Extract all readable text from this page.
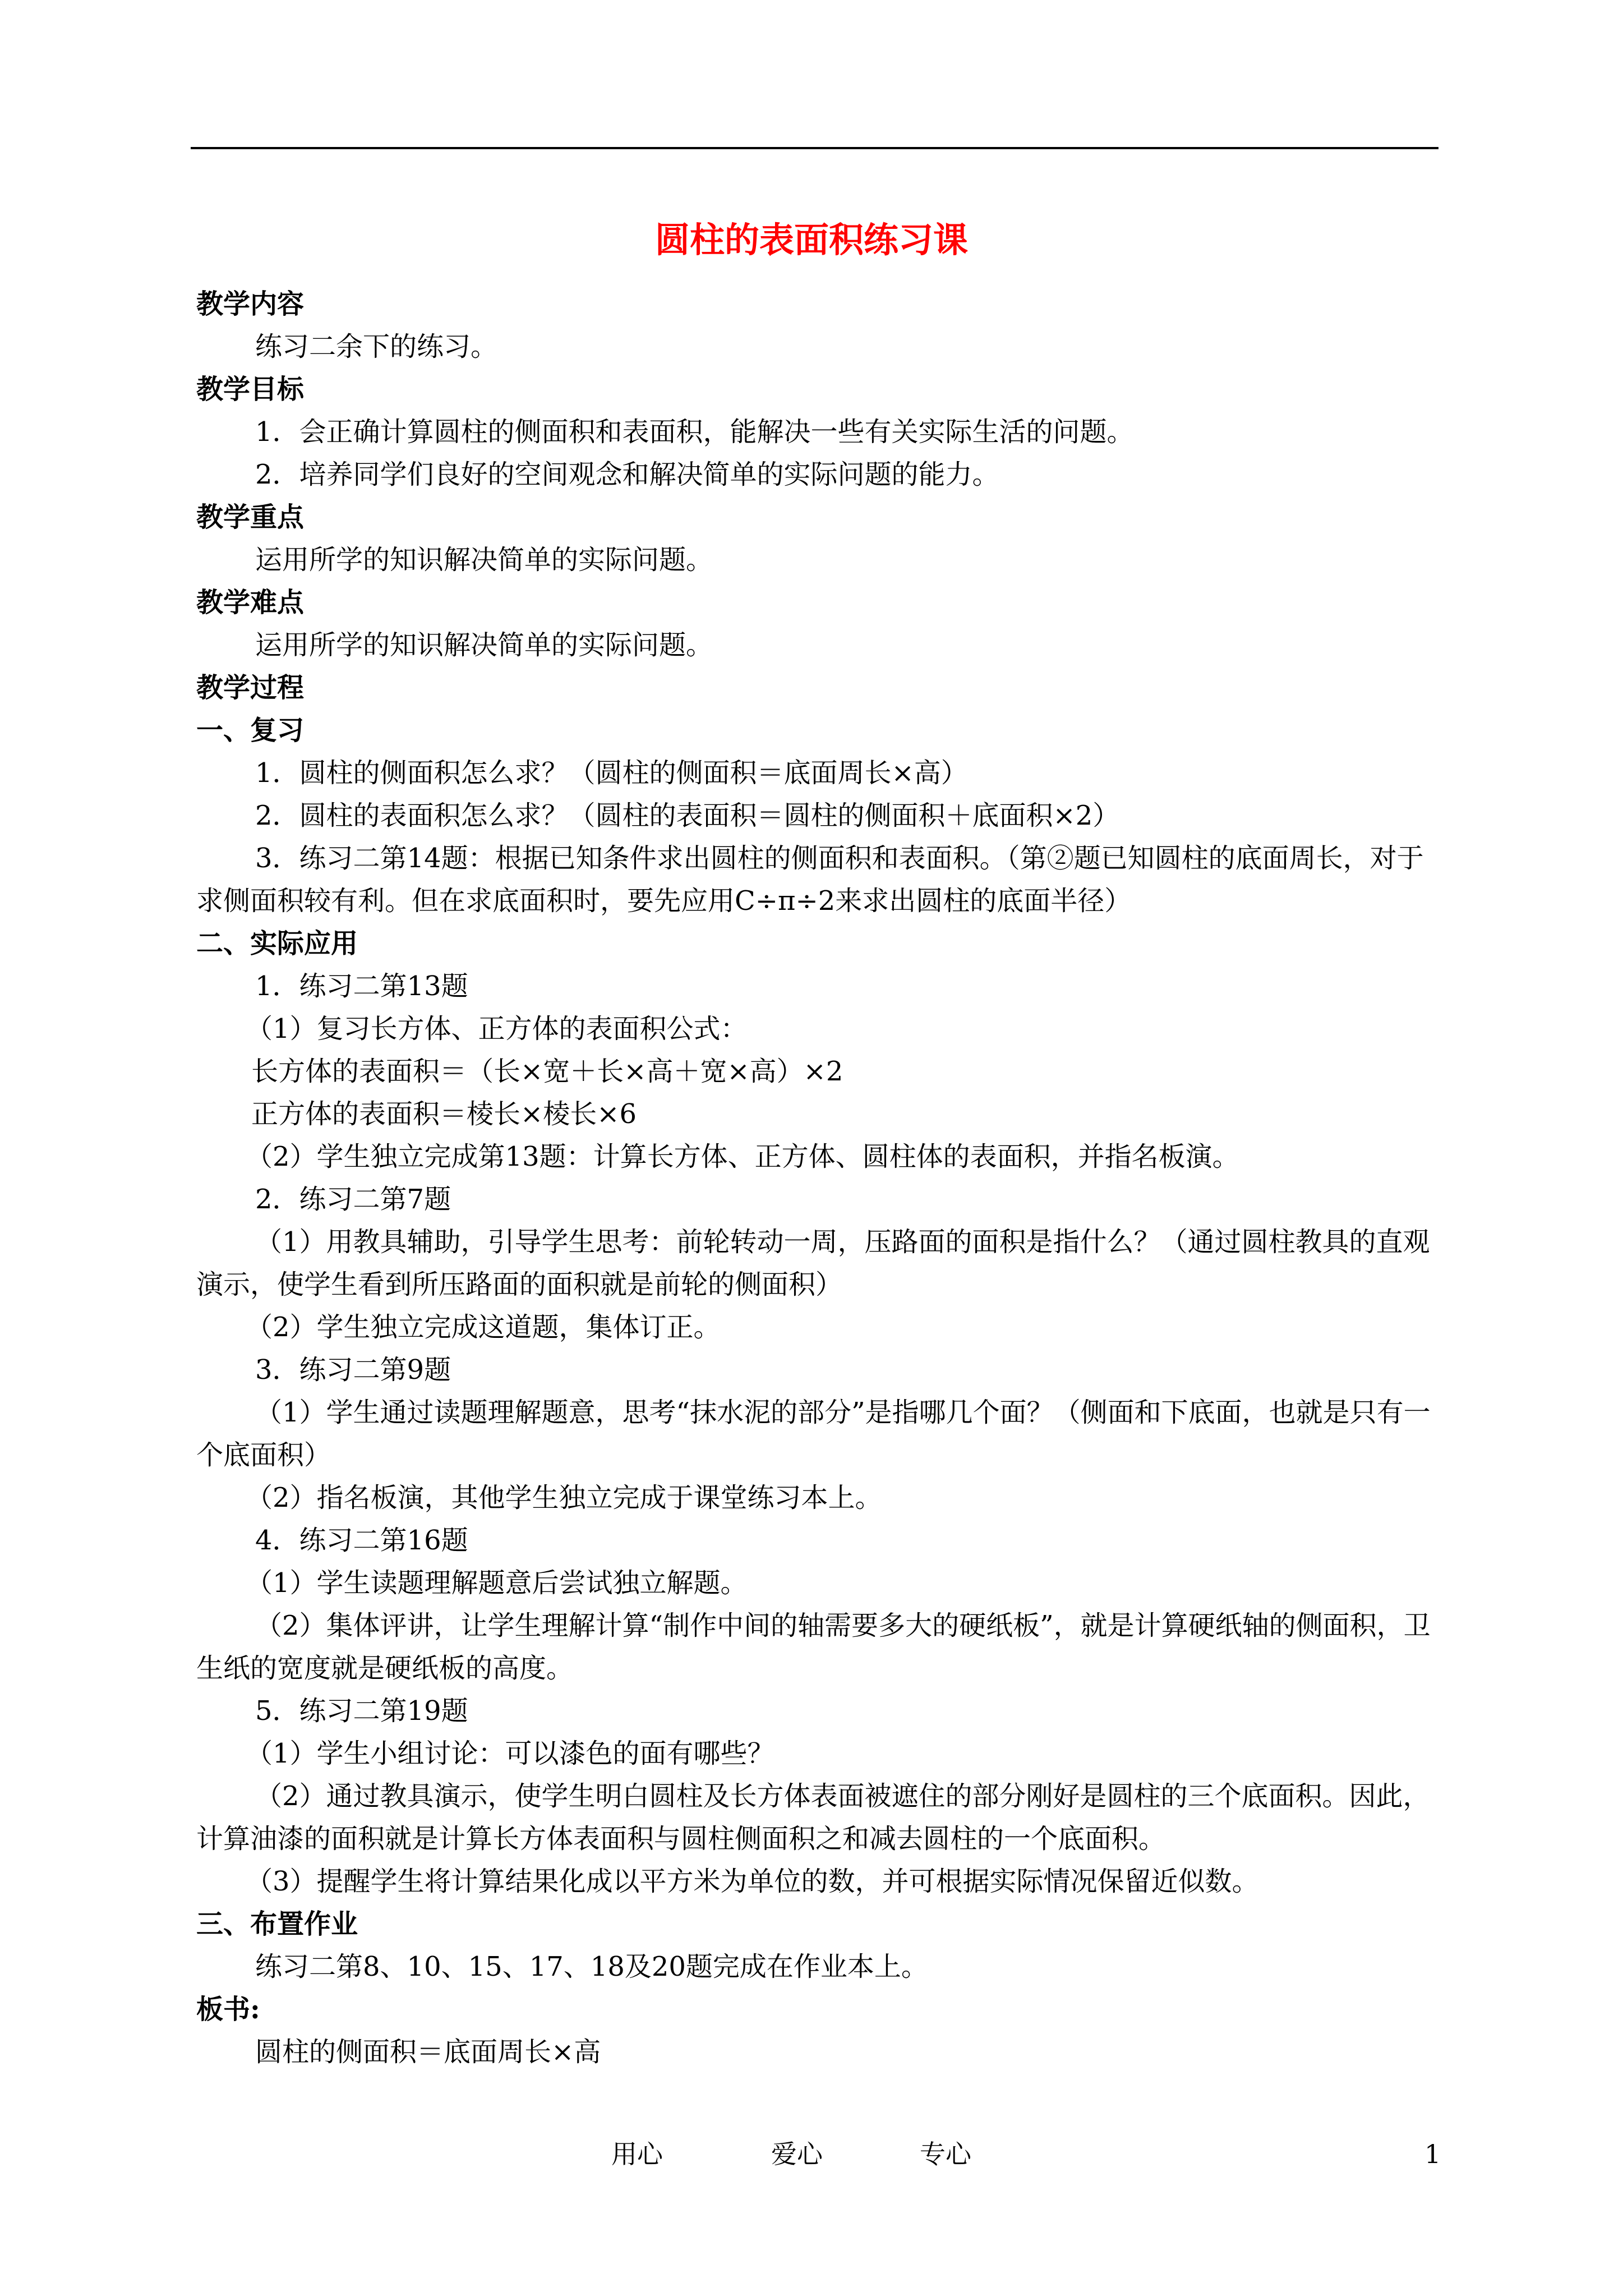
圆柱的表面积练习课
教学内容
练习二余下的练习。
教学目标
1．会正确计算圆柱的侧面积和表面积，能解决一些有关实际生活的问题。
2．培养同学们良好的空间观念和解决简单的实际问题的能力。
教学重点
运用所学的知识解决简单的实际问题。
教学难点
运用所学的知识解决简单的实际问题。
教学过程
一、复习
1．圆柱的侧面积怎么求？（圆柱的侧面积＝底面周长×高）
2．圆柱的表面积怎么求？（圆柱的表面积＝圆柱的侧面积＋底面积×2）
3．练习二第14题：根据已知条件求出圆柱的侧面积和表面积。（第②题已知圆柱的底面周长，对于求侧面积较有利。但在求底面积时，要先应用C÷π÷2来求出圆柱的底面半径）
二、实际应用
1．练习二第13题
（1）复习长方体、正方体的表面积公式：
长方体的表面积＝（长×宽＋长×高＋宽×高）×2
正方体的表面积＝棱长×棱长×6
（2）学生独立完成第13题：计算长方体、正方体、圆柱体的表面积，并指名板演。
2．练习二第7题
（1）用教具辅助，引导学生思考：前轮转动一周，压路面的面积是指什么？（通过圆柱教具的直观演示，使学生看到所压路面的面积就是前轮的侧面积）
（2）学生独立完成这道题，集体订正。
3．练习二第9题
（1）学生通过读题理解题意，思考“抹水泥的部分”是指哪几个面？（侧面和下底面，也就是只有一个底面积）
（2）指名板演，其他学生独立完成于课堂练习本上。
4．练习二第16题
（1）学生读题理解题意后尝试独立解题。
（2）集体评讲，让学生理解计算“制作中间的轴需要多大的硬纸板”，就是计算硬纸轴的侧面积，卫生纸的宽度就是硬纸板的高度。
5．练习二第19题
（1）学生小组讨论：可以漆色的面有哪些？
（2）通过教具演示，使学生明白圆柱及长方体表面被遮住的部分刚好是圆柱的三个底面积。因此，计算油漆的面积就是计算长方体表面积与圆柱侧面积之和减去圆柱的一个底面积。
（3）提醒学生将计算结果化成以平方米为单位的数，并可根据实际情况保留近似数。
三、布置作业
练习二第8、10、15、17、18及20题完成在作业本上。
板书:
圆柱的侧面积＝底面周长×高
用心	爱心	专心	1
